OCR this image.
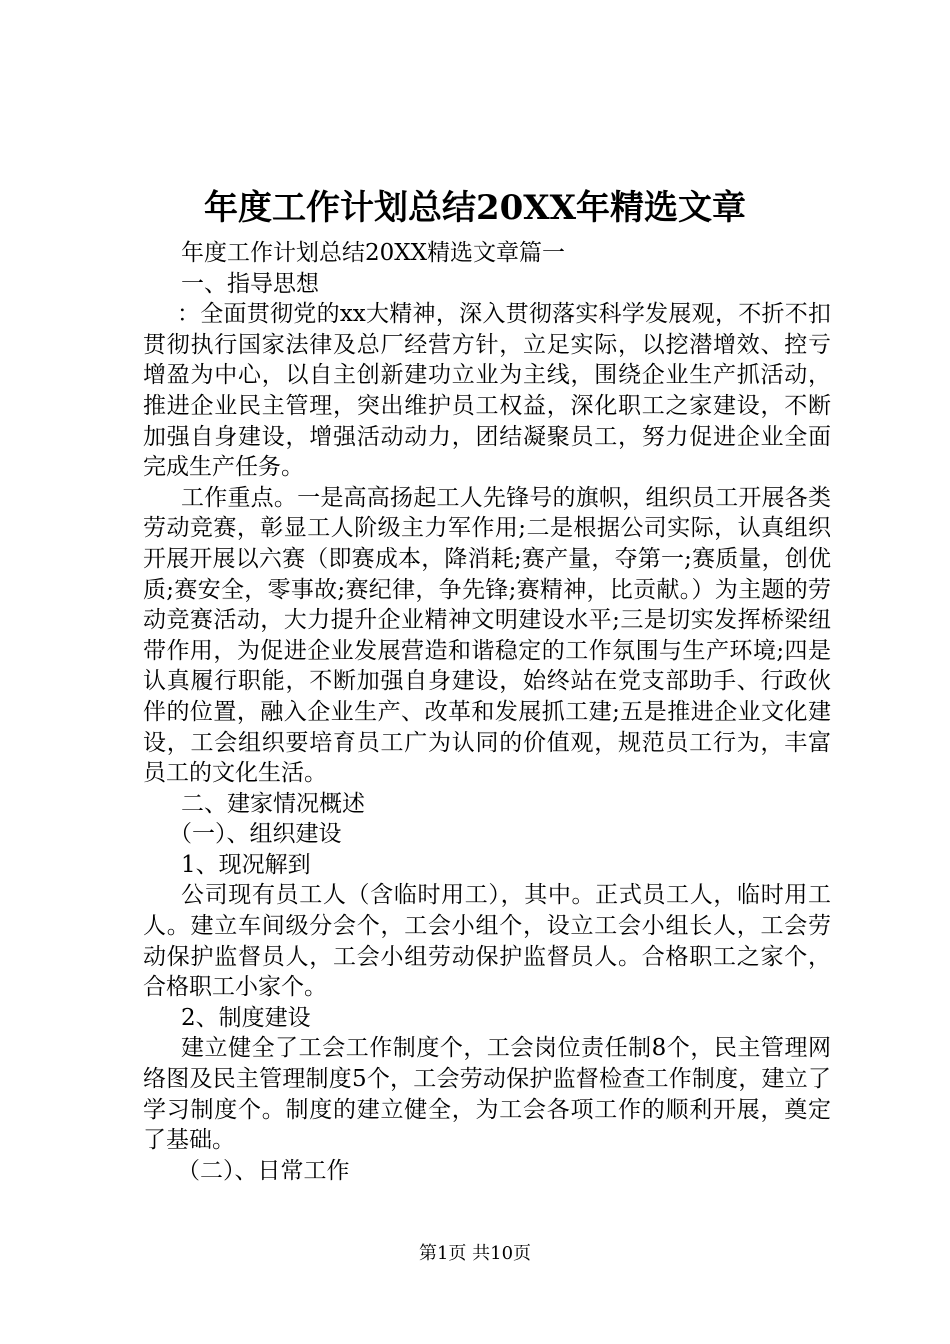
年度工作计划总结20XX年精选文章

年度工作计划总结20XX精选文章篇一

一、指导思想

：全面贯彻党的xx大精神，深入贯彻落实科学发展观，不折不扣贯彻执行国家法律及总厂经营方针，立足实际，以挖潜增效、控亏增盈为中心，以自主创新建功立业为主线，围绕企业生产抓活动，推进企业民主管理，突出维护员工权益，深化职工之家建设，不断加强自身建设，增强活动动力，团结凝聚员工，努力促进企业全面完成生产任务。

工作重点。一是高高扬起工人先锋号的旗帜，组织员工开展各类劳动竞赛，彰显工人阶级主力军作用;二是根据公司实际，认真组织开展开展以六赛（即赛成本，降消耗;赛产量，夺第一;赛质量，创优质;赛安全，零事故;赛纪律，争先锋;赛精神，比贡献。）为主题的劳动竞赛活动，大力提升企业精神文明建设水平;三是切实发挥桥梁纽带作用，为促进企业发展营造和谐稳定的工作氛围与生产环境;四是认真履行职能，不断加强自身建设，始终站在党支部助手、行政伙伴的位置，融入企业生产、改革和发展抓工建;五是推进企业文化建设，工会组织要培育员工广为认同的价值观，规范员工行为，丰富员工的文化生活。

二、建家情况概述

（一）、组织建设

1、现况解到

公司现有员工人（含临时用工），其中。正式员工人，临时用工人。建立车间级分会个，工会小组个，设立工会小组长人，工会劳动保护监督员人，工会小组劳动保护监督员人。合格职工之家个，合格职工小家个。

2、制度建设

建立健全了工会工作制度个，工会岗位责任制8个，民主管理网络图及民主管理制度5个，工会劳动保护监督检查工作制度，建立了学习制度个。制度的建立健全，为工会各项工作的顺利开展，奠定了基础。

（二）、日常工作

第1页 共10页
